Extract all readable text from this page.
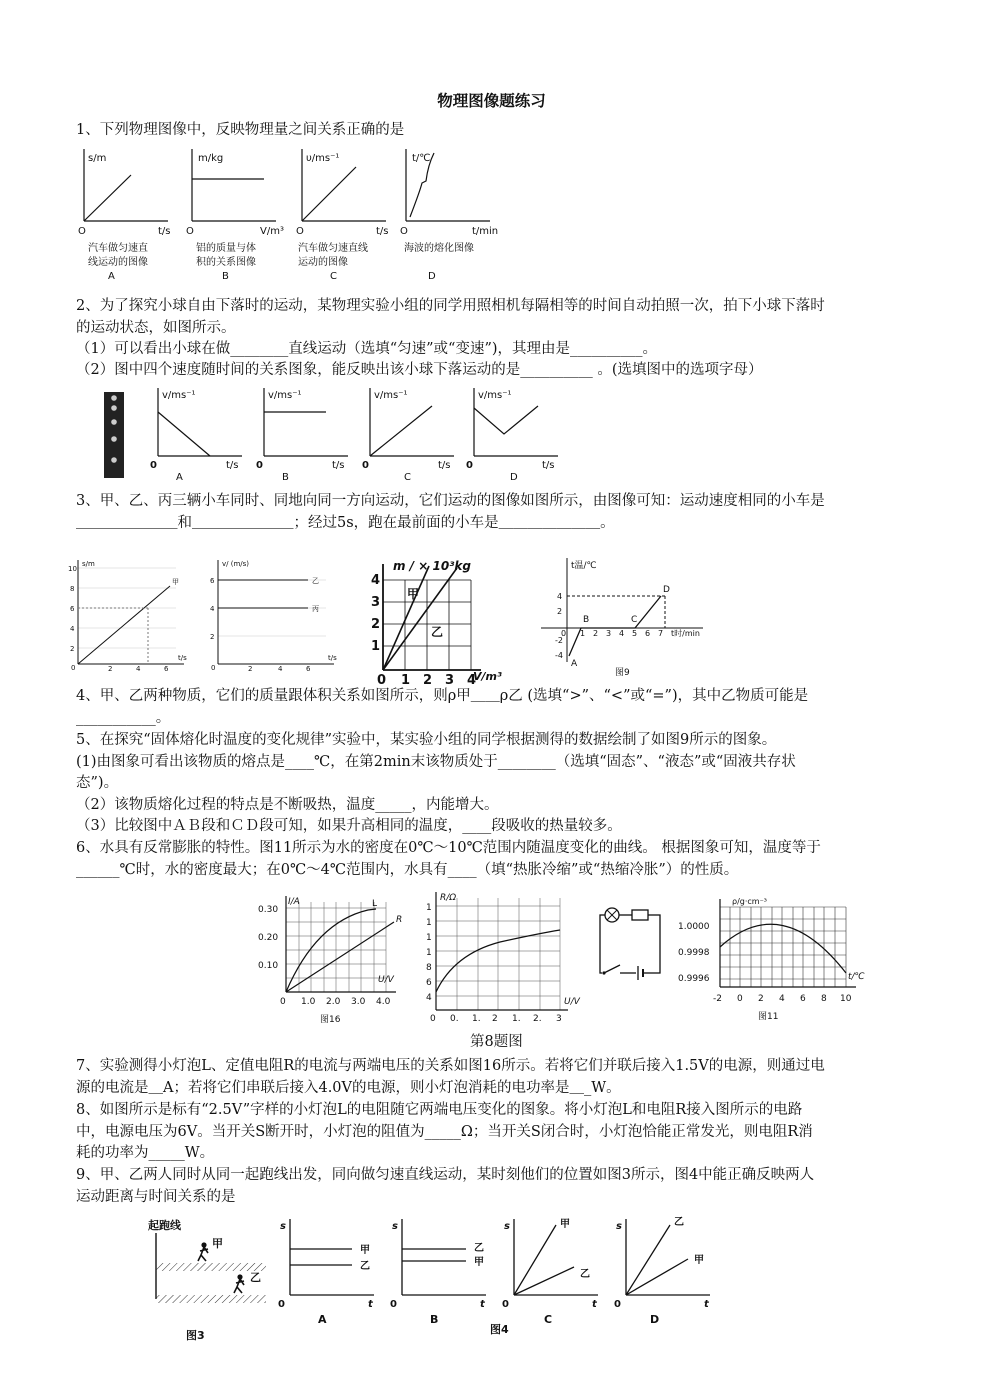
物理图像题练习
1、下列物理图像中，反映物理量之间关系正确的是
s/m
t/s
O
汽车做匀速直
线运动的图像
A
m/kg
V/m³
O
铝的质量与体
积的关系图像
B
υ/ms⁻¹
t/s
O
汽车做匀速直线
运动的图像
C
t/℃
t/min
O
海波的熔化图像
D
2、为了探究小球自由下落时的运动，某物理实验小组的同学用照相机每隔相等的时间自动拍照一次，拍下小球下落时
的运动状态，如图所示。
（1）可以看出小球在做________直线运动（选填“匀速”或“变速”)，其理由是__________。
（2）图中四个速度随时间的关系图象，能反映出该小球下落运动的是__________ 。(选填图中的选项字母）
v/ms⁻¹
t/s
0
A
v/ms⁻¹
t/s
0
B
v/ms⁻¹
t/s
0
C
v/ms⁻¹
t/s
0
D
3、甲、乙、丙三辆小车同时、同地向同一方向运动，它们运动的图像如图所示，由图像可知：运动速度相同的小车是
＿＿＿＿＿＿＿和＿＿＿＿＿＿＿；经过5s，跑在最前面的小车是＿＿＿＿＿＿＿。
s/m
甲
10
8
6
4
2
0	2	4	6
t/s
v/ (m/s)
乙
丙
6
4
2
0	2	4	6
t/s
m / × 10³kg
甲
乙
4
3
2
1
0 1 2 3 4
V/m³
t温/℃
4
2
-2
-4
0 1 2 3 4 5 6 7 t时/min
A
B	C
D
图9
4、甲、乙两种物质，它们的质量跟体积关系如图所示，则ρ甲＿＿ρ乙 (选填“>”、“<”或“=”)，其中乙物质可能是
___________。
5、在探究“固体熔化时温度的变化规律”实验中，某实验小组的同学根据测得的数据绘制了如图9所示的图象。
(1)由图象可看出该物质的熔点是____℃，在第2min末该物质处于________（选填“固态”、“液态”或“固液共存状
态”)。
（2）该物质熔化过程的特点是不断吸热，温度_____，内能增大。
（3）比较图中ＡＢ段和ＣＤ段可知，如果升高相同的温度，____段吸收的热量较多。
6、水具有反常膨胀的特性。图11所示为水的密度在0℃～10℃范围内随温度变化的曲线。 根据图象可知，温度等于
______℃时，水的密度最大；在0℃～4℃范围内，水具有____（填“热胀冷缩”或“热缩冷胀”）的性质。
I/A
0.30
0.20
0.10
0 1.0 2.0 3.0 4.0
U/V
L
R
图16
R/Ω
1
1
1
1
8
6
4
0 0. 1. 2 1. 2. 3
U/V
第8题图
ρ/g·cm⁻³
1.0000
0.9998
0.9996	t/℃
-2 0 2 4 6 8 10
图11
7、实验测得小灯泡L、定值电阻R的电流与两端电压的关系如图16所示。若将它们并联后接入1.5V的电源，则通过电
源的电流是＿A；若将它们串联后接入4.0V的电源，则小灯泡消耗的电功率是＿_W。
8、如图所示是标有“2.5V”字样的小灯泡L的电阻随它两端电压变化的图象。将小灯泡L和电阻R接入图所示的电路
中，电源电压为6V。当开关S断开时，小灯泡的阻值为_____Ω；当开关S闭合时，小灯泡恰能正常发光，则电阻R消
耗的功率为_____W。
9、甲、乙两人同时从同一起跑线出发，同向做匀速直线运动，某时刻他们的位置如图3所示，图4中能正确反映两人
运动距离与时间关系的是
起跑线
甲
乙
图3
s
t
0
甲
乙
A
s
t
0
乙
甲
B
s
t
0
甲
乙
C
s
t
0
乙
甲
D
图4
